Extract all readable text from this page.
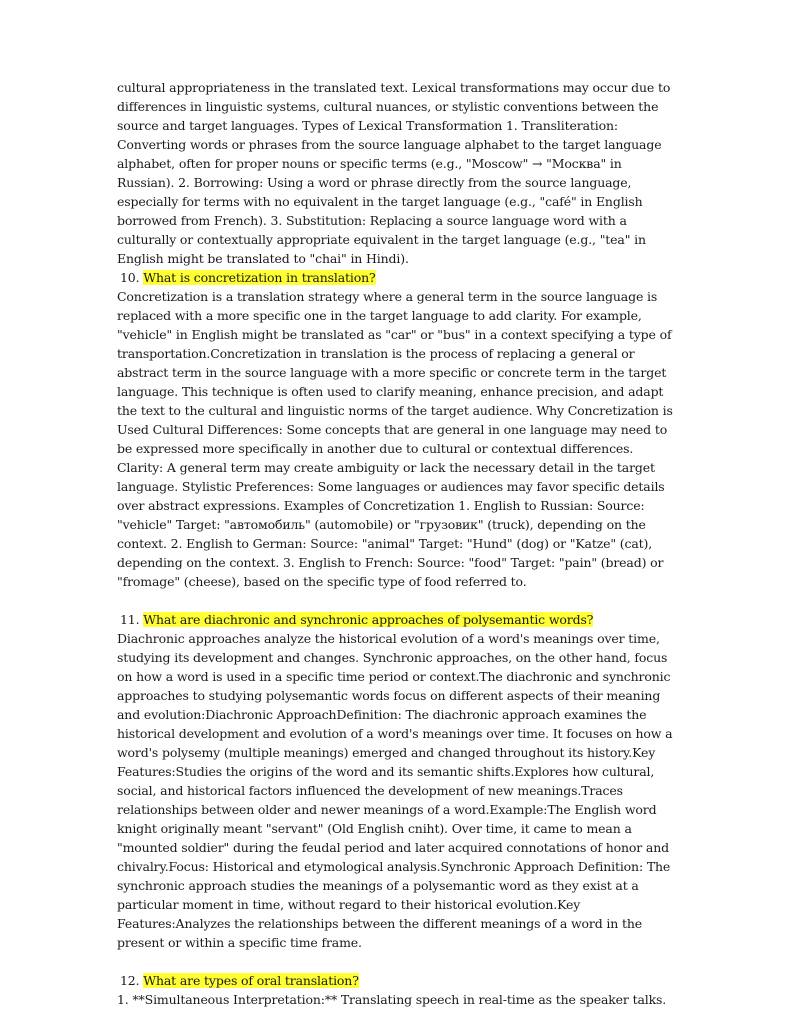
cultural appropriateness in the translated text. Lexical transformations may occur due to differences in linguistic systems, cultural nuances, or stylistic conventions between the source and target languages. Types of Lexical Transformation 1. Transliteration: Converting words or phrases from the source language alphabet to the target language alphabet, often for proper nouns or specific terms (e.g., "Moscow" → "Москва" in Russian). 2. Borrowing: Using a word or phrase directly from the source language, especially for terms with no equivalent in the target language (e.g., "café" in English borrowed from French). 3. Substitution: Replacing a source language word with a culturally or contextually appropriate equivalent in the target language (e.g., "tea" in English might be translated to "chai" in Hindi).

10. What is concretization in translation?

Concretization is a translation strategy where a general term in the source language is replaced with a more specific one in the target language to add clarity. For example, "vehicle" in English might be translated as "car" or "bus" in a context specifying a type of transportation.Concretization in translation is the process of replacing a general or abstract term in the source language with a more specific or concrete term in the target language. This technique is often used to clarify meaning, enhance precision, and adapt the text to the cultural and linguistic norms of the target audience. Why Concretization is Used Cultural Differences: Some concepts that are general in one language may need to be expressed more specifically in another due to cultural or contextual differences. Clarity: A general term may create ambiguity or lack the necessary detail in the target language. Stylistic Preferences: Some languages or audiences may favor specific details over abstract expressions. Examples of Concretization 1. English to Russian: Source: "vehicle" Target: "автомобиль" (automobile) or "грузовик" (truck), depending on the context. 2. English to German: Source: "animal" Target: "Hund" (dog) or "Katze" (cat), depending on the context. 3. English to French: Source: "food" Target: "pain" (bread) or "fromage" (cheese), based on the specific type of food referred to.

11. What are diachronic and synchronic approaches of polysemantic words?

Diachronic approaches analyze the historical evolution of a word's meanings over time, studying its development and changes. Synchronic approaches, on the other hand, focus on how a word is used in a specific time period or context.The diachronic and synchronic approaches to studying polysemantic words focus on different aspects of their meaning and evolution:Diachronic ApproachDefinition: The diachronic approach examines the historical development and evolution of a word's meanings over time. It focuses on how a word's polysemy (multiple meanings) emerged and changed throughout its history.Key Features:Studies the origins of the word and its semantic shifts.Explores how cultural, social, and historical factors influenced the development of new meanings.Traces relationships between older and newer meanings of a word.Example:The English word knight originally meant "servant" (Old English cniht). Over time, it came to mean a "mounted soldier" during the feudal period and later acquired connotations of honor and chivalry.Focus: Historical and etymological analysis.Synchronic Approach Definition: The synchronic approach studies the meanings of a polysemantic word as they exist at a particular moment in time, without regard to their historical evolution.Key Features:Analyzes the relationships between the different meanings of a word in the present or within a specific time frame.

12. What are types of oral translation?

1. **Simultaneous Interpretation:** Translating speech in real-time as the speaker talks.
